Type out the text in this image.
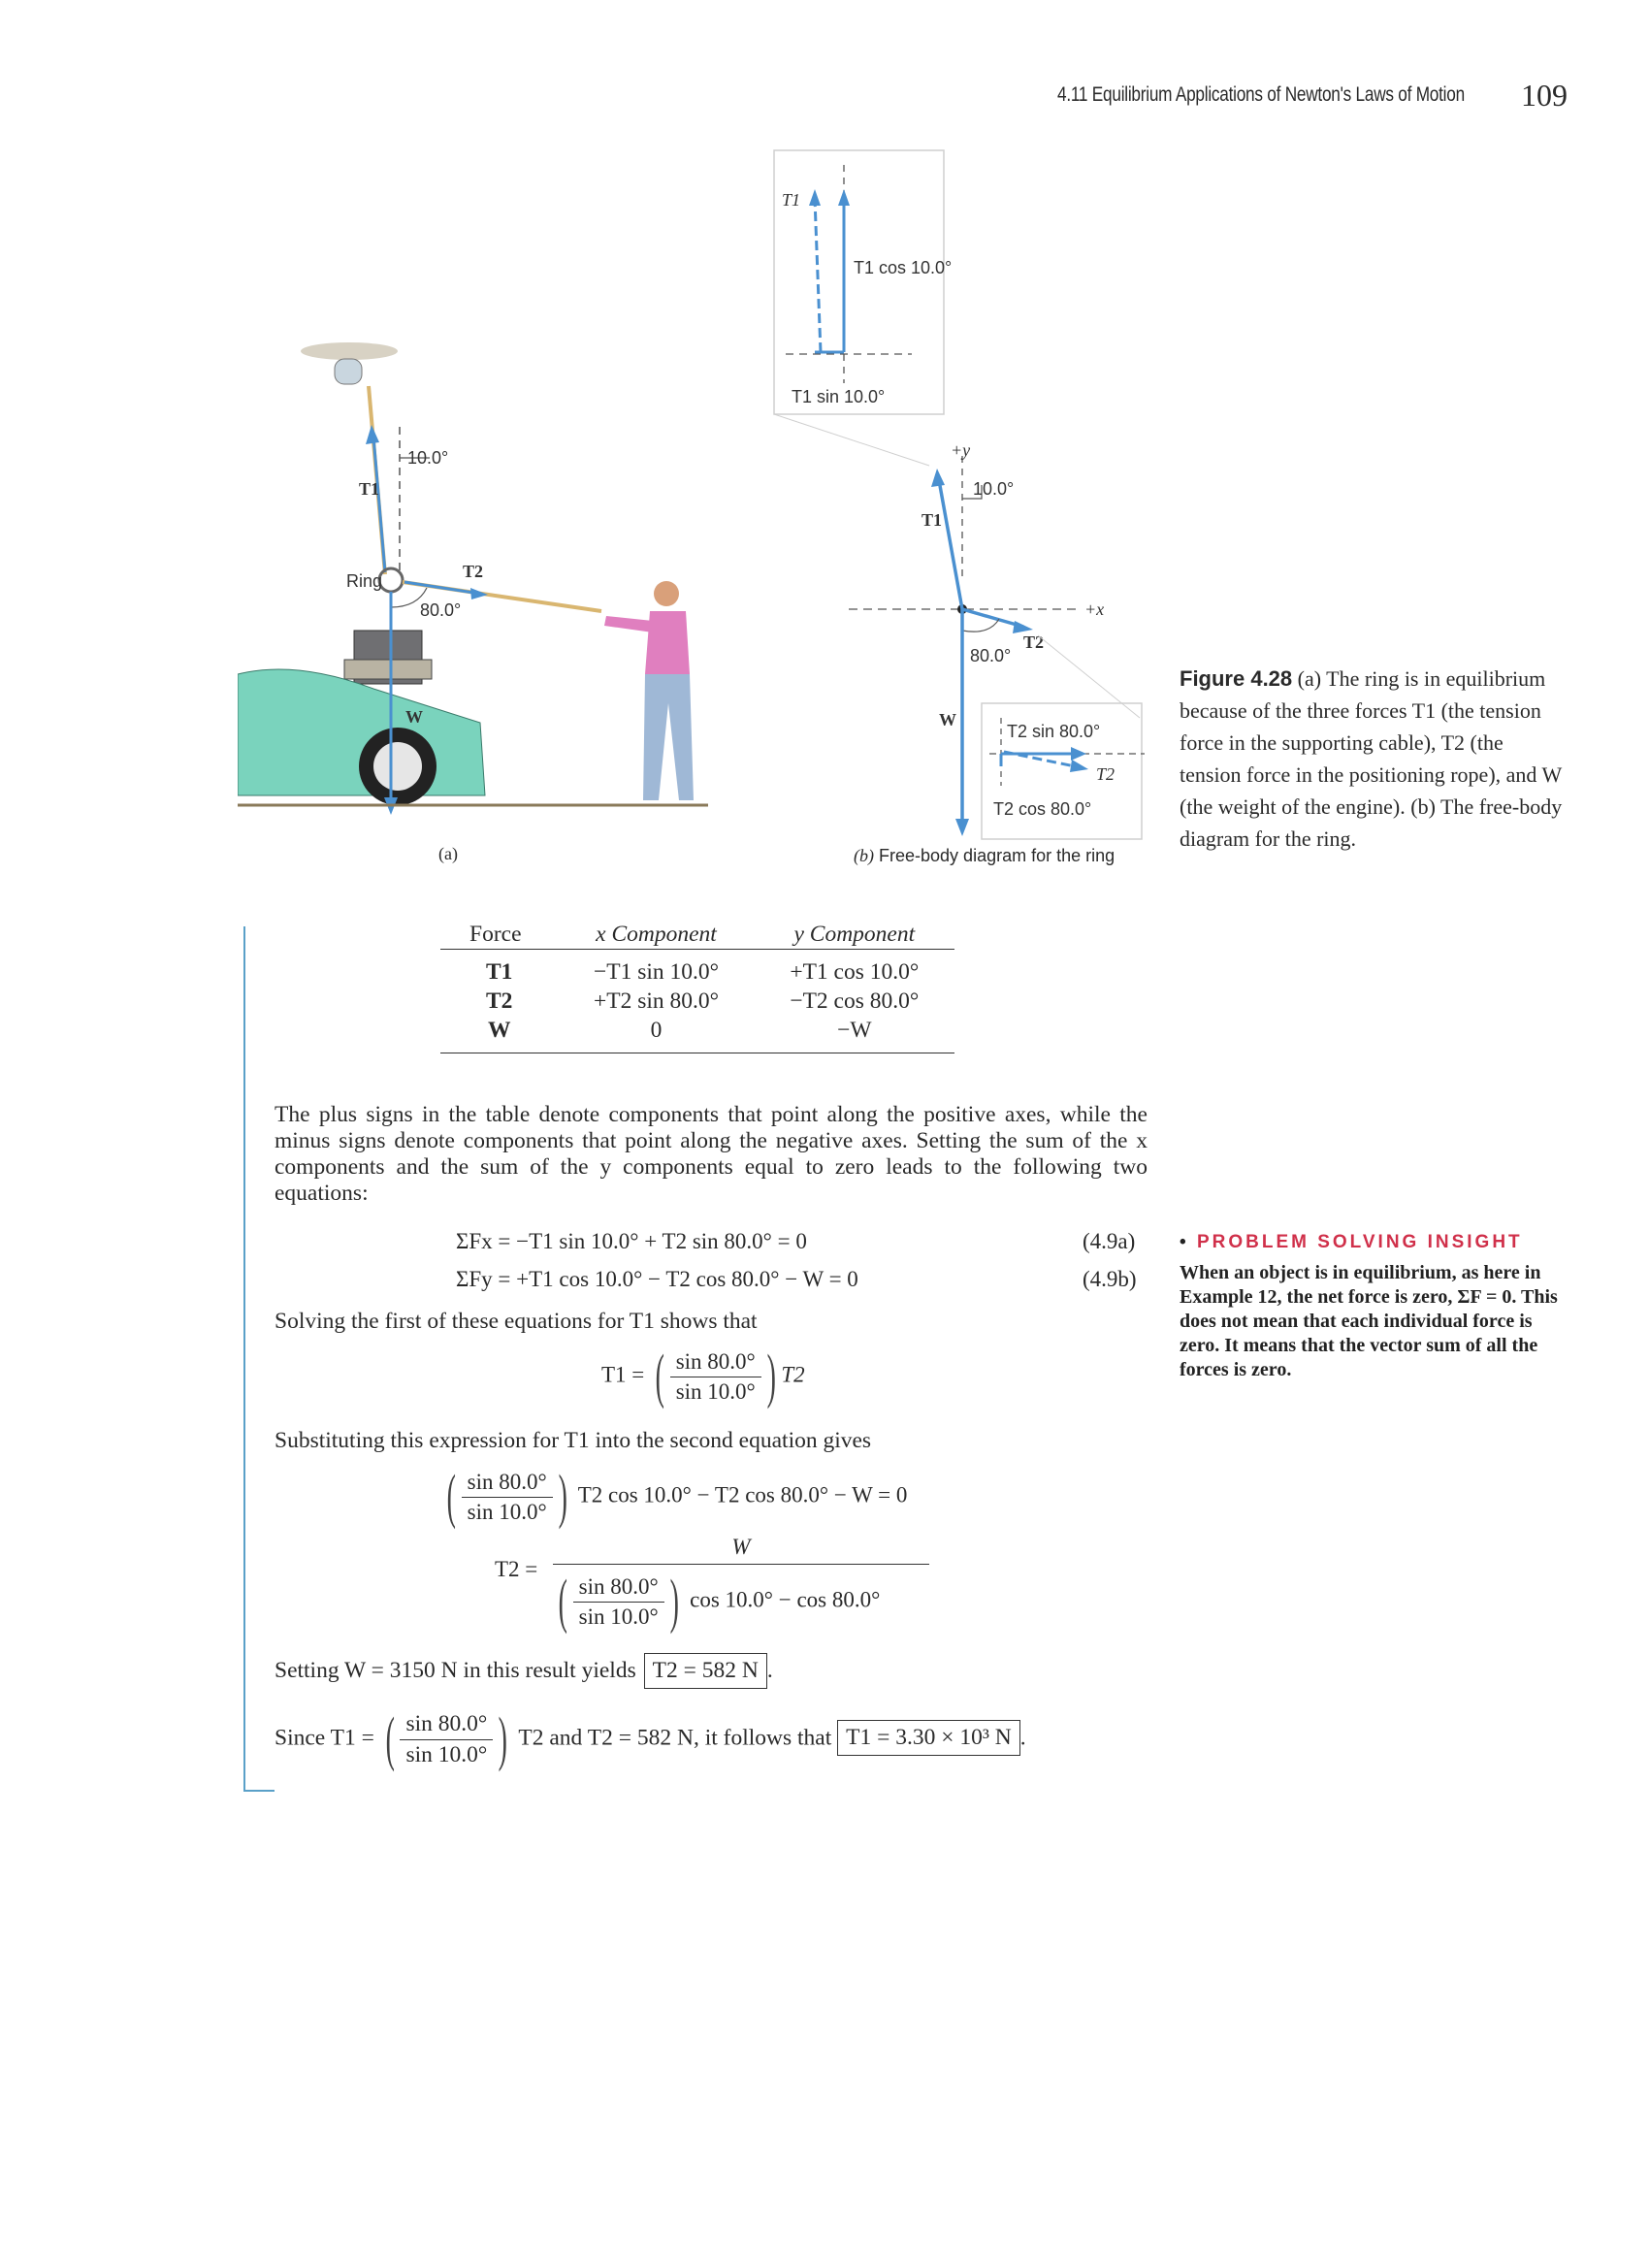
4.11 Equilibrium Applications of Newton's Laws of Motion 109
10.0°
T1
Ring	T2
80.0°
W
(a)
T1
T1 cos 10.0°
T1 sin 10.0°
+y
+x
T1
10.0°
T2
80.0°
W
T2 sin 80.0°
T2
T2 cos 80.0°
(b) Free-body diagram for the ring
Figure 4.28 (a) The ring is in equilibrium because of the three forces T1 (the tension force in the supporting cable), T2 (the tension force in the positioning rope), and W (the weight of the engine). (b) The free-body diagram for the ring.
Force	x Component	y Component
T1	−T1 sin 10.0°	+T1 cos 10.0°
T2	+T2 sin 80.0°	−T2 cos 80.0°
W	0	−W
The plus signs in the table denote components that point along the positive axes, while the minus signs denote components that point along the negative axes. Setting the sum of the x components and the sum of the y components equal to zero leads to the following two equations:
ΣFx = −T1 sin 10.0° + T2 sin 80.0° = 0	(4.9a)
ΣFy = +T1 cos 10.0° − T2 cos 80.0° − W = 0	(4.9b)
Solving the first of these equations for T1 shows that
T1 = ( $\frac{\sin 80.0^\circ}{\sin 10.0^\circ}$ ) T2
Substituting this expression for T1 into the second equation gives
( $\frac{\sin 80.0^\circ}{\sin 10.0^\circ}$ ) T2 cos 10.0° − T2 cos 80.0° − W = 0
T2 =
W
( $\frac{\sin 80.0^\circ}{\sin 10.0^\circ}$ ) cos 10.0° − cos 80.0°
Setting W = 3150 N in this result yields T2 = 582 N .
Since T1 = ( $\frac{\sin 80.0^\circ}{\sin 10.0^\circ}$ ) T2 and T2 = 582 N, it follows that T1 = 3.30 × 10³ N .
• PROBLEM SOLVING INSIGHT
When an object is in equilibrium, as here in Example 12, the net force is zero, ΣF = 0. This does not mean that each individual force is zero. It means that the vector sum of all the forces is zero.
